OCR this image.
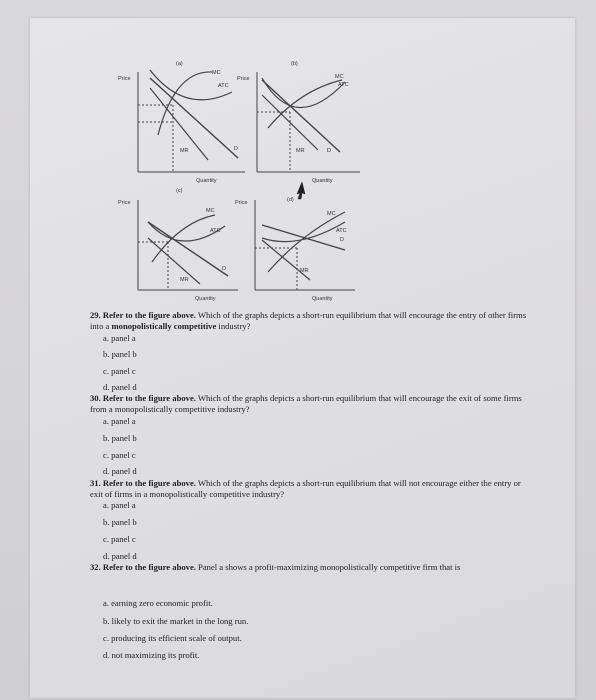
(a)	(b)
(c)
(d)
Price	Price
Price	Price
Quantity	Quantity
Quantity	Quantity
MC
ATC
D
MR
MC
ATC
D
MR
MC
ATC
D
MR
MC
ATC
D
MR

29. Refer to the figure above. Which of the graphs depicts a short-run equilibrium that will encourage the entry of other firms into a monopolistically competitive industry?

a. panel a
b. panel b
c. panel c
d. panel d

30. Refer to the figure above. Which of the graphs depicts a short-run equilibrium that will encourage the exit of some firms from a monopolistically competitive industry?

a. panel a
b. panel b
c. panel c
d. panel d

31. Refer to the figure above. Which of the graphs depicts a short-run equilibrium that will not encourage either the entry or exit of firms in a monopolistically competitive industry?

a. panel a
b. panel b
c. panel c
d. panel d

32. Refer to the figure above. Panel a shows a profit-maximizing monopolistically competitive firm that is

a. earning zero economic profit.
b. likely to exit the market in the long run.
c. producing its efficient scale of output.
d. not maximizing its profit.
